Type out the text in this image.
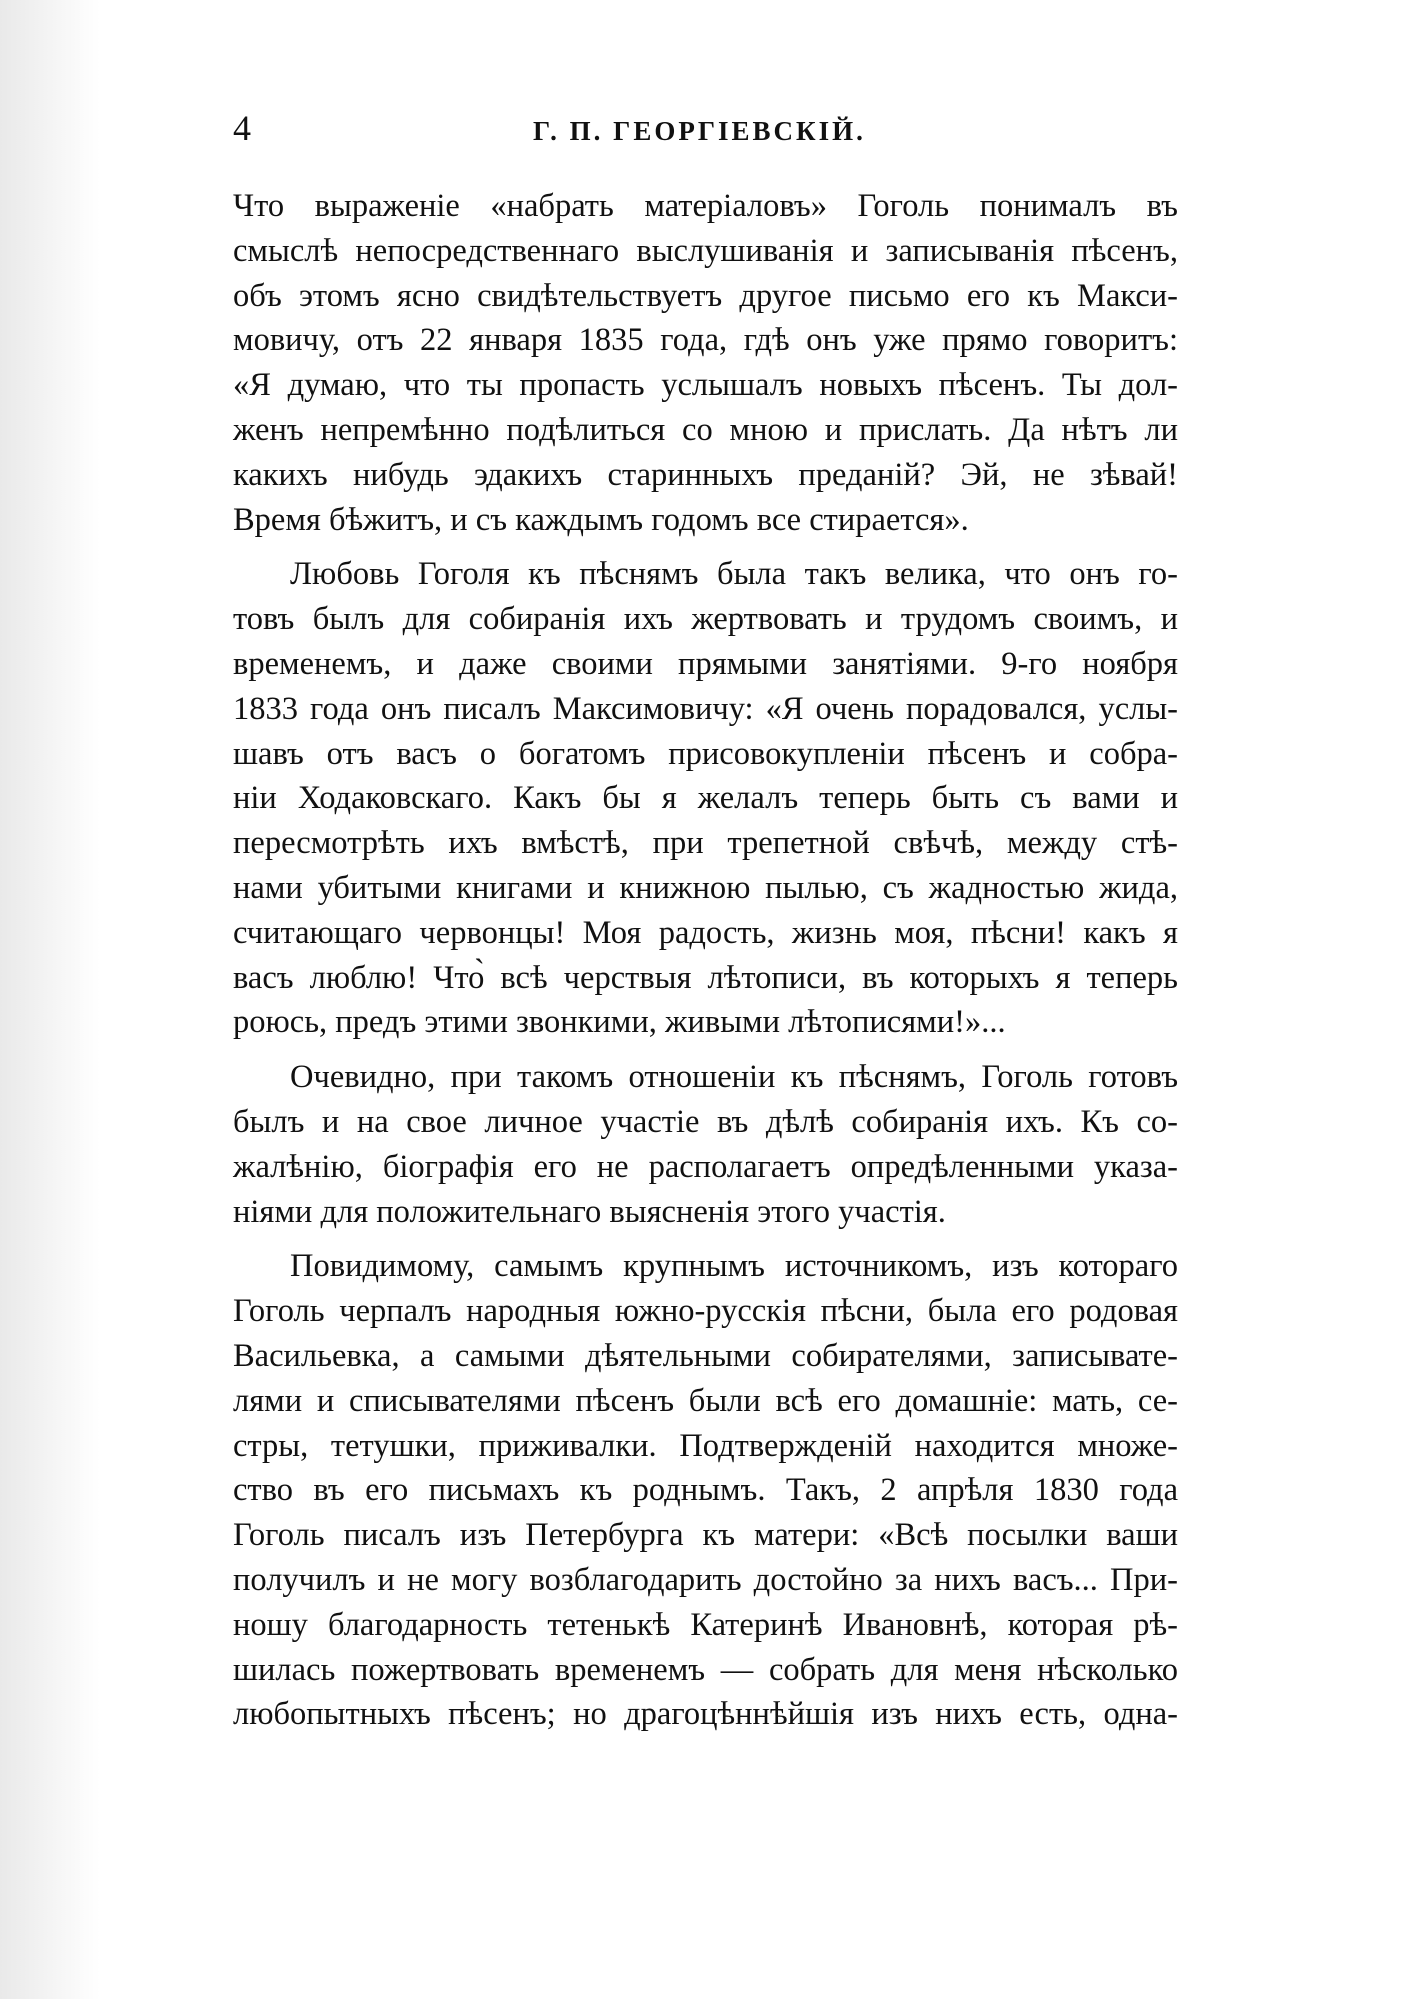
4	Г. П. ГЕОРГІЕВСКІЙ.
Что выраженіе «набрать матеріаловъ» Гоголь понималъ въ
смыслѣ непосредственнаго выслушиванія и записыванія пѣсенъ,
объ этомъ ясно свидѣтельствуетъ другое письмо его къ Макси-
мовичу, отъ 22 января 1835 года, гдѣ онъ уже прямо говоритъ:
«Я думаю, что ты пропасть услышалъ новыхъ пѣсенъ. Ты дол-
женъ непремѣнно подѣлиться со мною и прислать. Да нѣтъ ли
какихъ нибудь эдакихъ старинныхъ преданій? Эй, не зѣвай!
Время бѣжитъ, и съ каждымъ годомъ все стирается».
Любовь Гоголя къ пѣснямъ была такъ велика, что онъ го-
товъ былъ для собиранія ихъ жертвовать и трудомъ своимъ, и
временемъ, и даже своими прямыми занятіями. 9-го ноября
1833 года онъ писалъ Максимовичу: «Я очень порадовался, услы-
шавъ отъ васъ о богатомъ присовокупленіи пѣсенъ и собра-
ніи Ходаковскаго. Какъ бы я желалъ теперь быть съ вами и
пересмотрѣть ихъ вмѣстѣ, при трепетной свѣчѣ, между стѣ-
нами убитыми книгами и книжною пылью, съ жадностью жида,
считающаго червонцы! Моя радость, жизнь моя, пѣсни! какъ я
васъ люблю! Что̀ всѣ черствыя лѣтописи, въ которыхъ я теперь
роюсь, предъ этими звонкими, живыми лѣтописями!»...
Очевидно, при такомъ отношеніи къ пѣснямъ, Гоголь готовъ
былъ и на свое личное участіе въ дѣлѣ собиранія ихъ. Къ со-
жалѣнію, біографія его не располагаетъ опредѣленными указа-
ніями для положительнаго выясненія этого участія.
Повидимому, самымъ крупнымъ источникомъ, изъ котораго
Гоголь черпалъ народныя южно-русскія пѣсни, была его родовая
Васильевка, а самыми дѣятельными собирателями, записывате-
лями и списывателями пѣсенъ были всѣ его домашніе: мать, се-
стры, тетушки, приживалки. Подтвержденій находится множе-
ство въ его письмахъ къ роднымъ. Такъ, 2 апрѣля 1830 года
Гоголь писалъ изъ Петербурга къ матери: «Всѣ посылки ваши
получилъ и не могу возблагодарить достойно за нихъ васъ... При-
ношу благодарность тетенькѣ Катеринѣ Ивановнѣ, которая рѣ-
шилась пожертвовать временемъ — собрать для меня нѣсколько
любопытныхъ пѣсенъ; но драгоцѣннѣйшія изъ нихъ есть, одна-
